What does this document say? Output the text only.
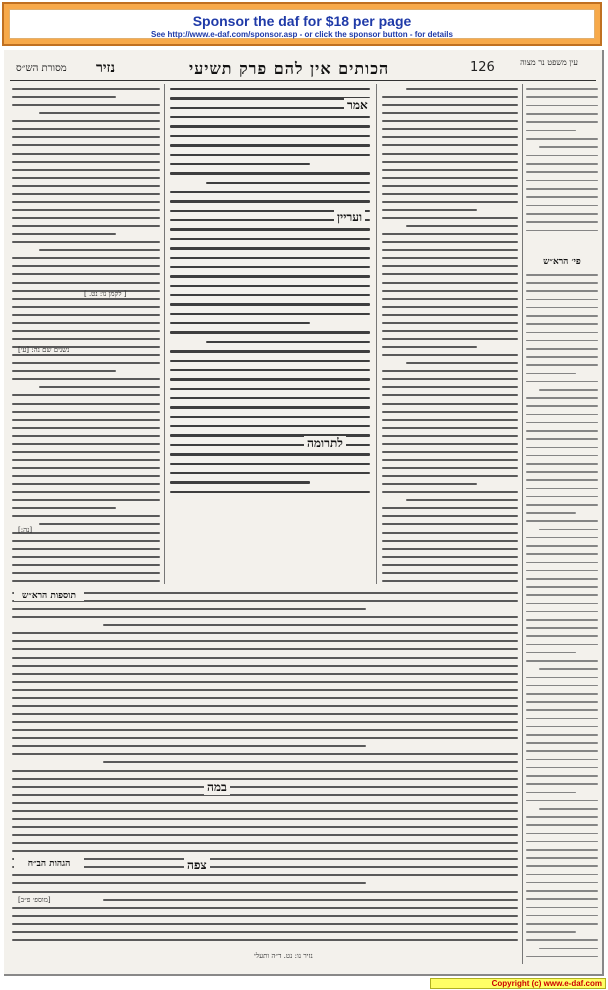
Sponsor the daf for $18 per page
See http://www.e-daf.com/sponsor.asp - or click the sponsor button - for details
מסורת הש״ס נזיר	הכותים אין להם פרק תשיעי	126	עין משפט נר מצוה
אמר
ועריין
לתרומה
במה
צפה
פי׳ הרא״ש
תוספות הרא״ש
הגהות הב״ח
[ לקמן נו: נט. ]
נשנים שם נה: [ע׳]
[נה:]
[מוספ׳ פ״ב]
נזיר נו: נט. ד״ה ותעלי
Copyright (c) www.e-daf.com
